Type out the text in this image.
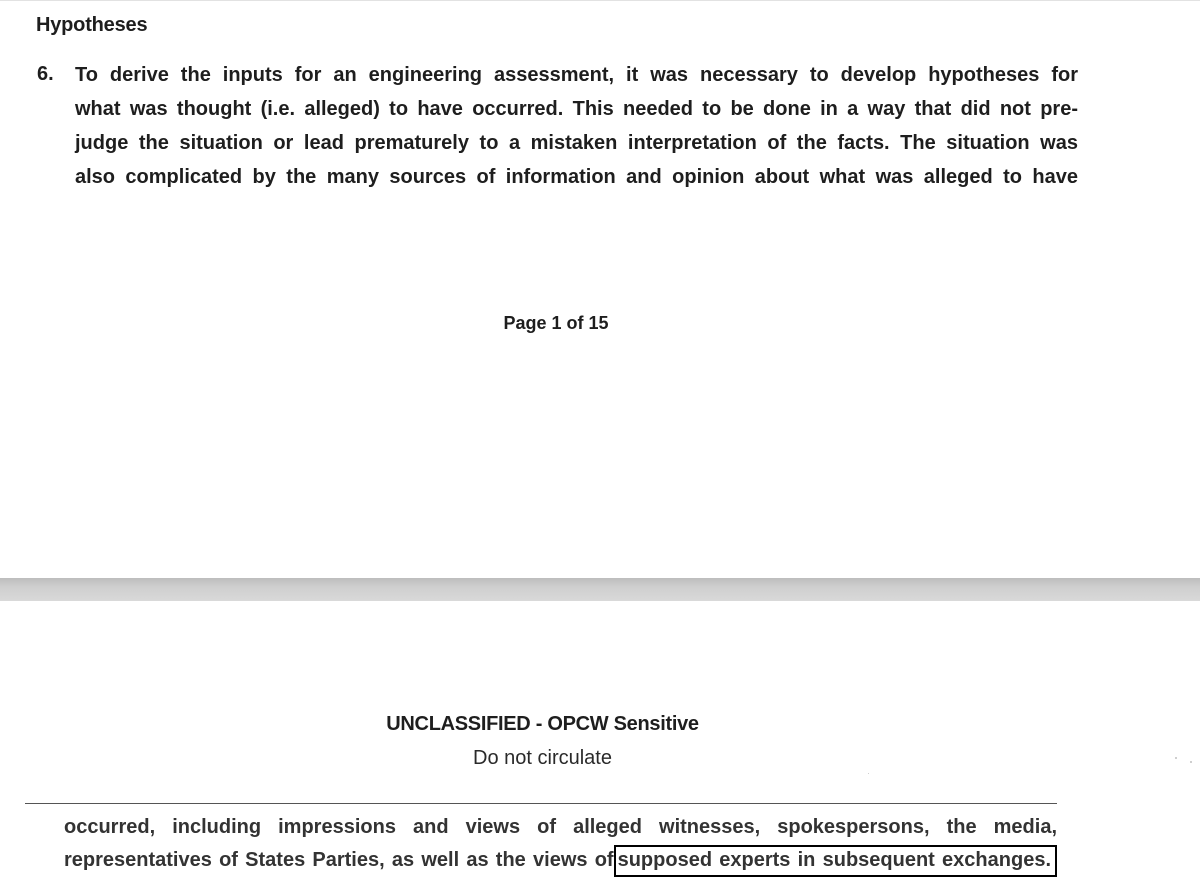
Hypotheses
6. To derive the inputs for an engineering assessment, it was necessary to develop hypotheses for
what was thought (i.e. alleged) to have occurred. This needed to be done in a way that did not pre-
judge the situation or lead prematurely to a mistaken interpretation of the facts. The situation was
also complicated by the many sources of information and opinion about what was alleged to have
Page 1 of 15
UNCLASSIFIED - OPCW Sensitive
Do not circulate
occurred, including impressions and views of alleged witnesses, spokespersons, the media,
representatives of States Parties, as well as the views of supposed experts in subsequent exchanges.
